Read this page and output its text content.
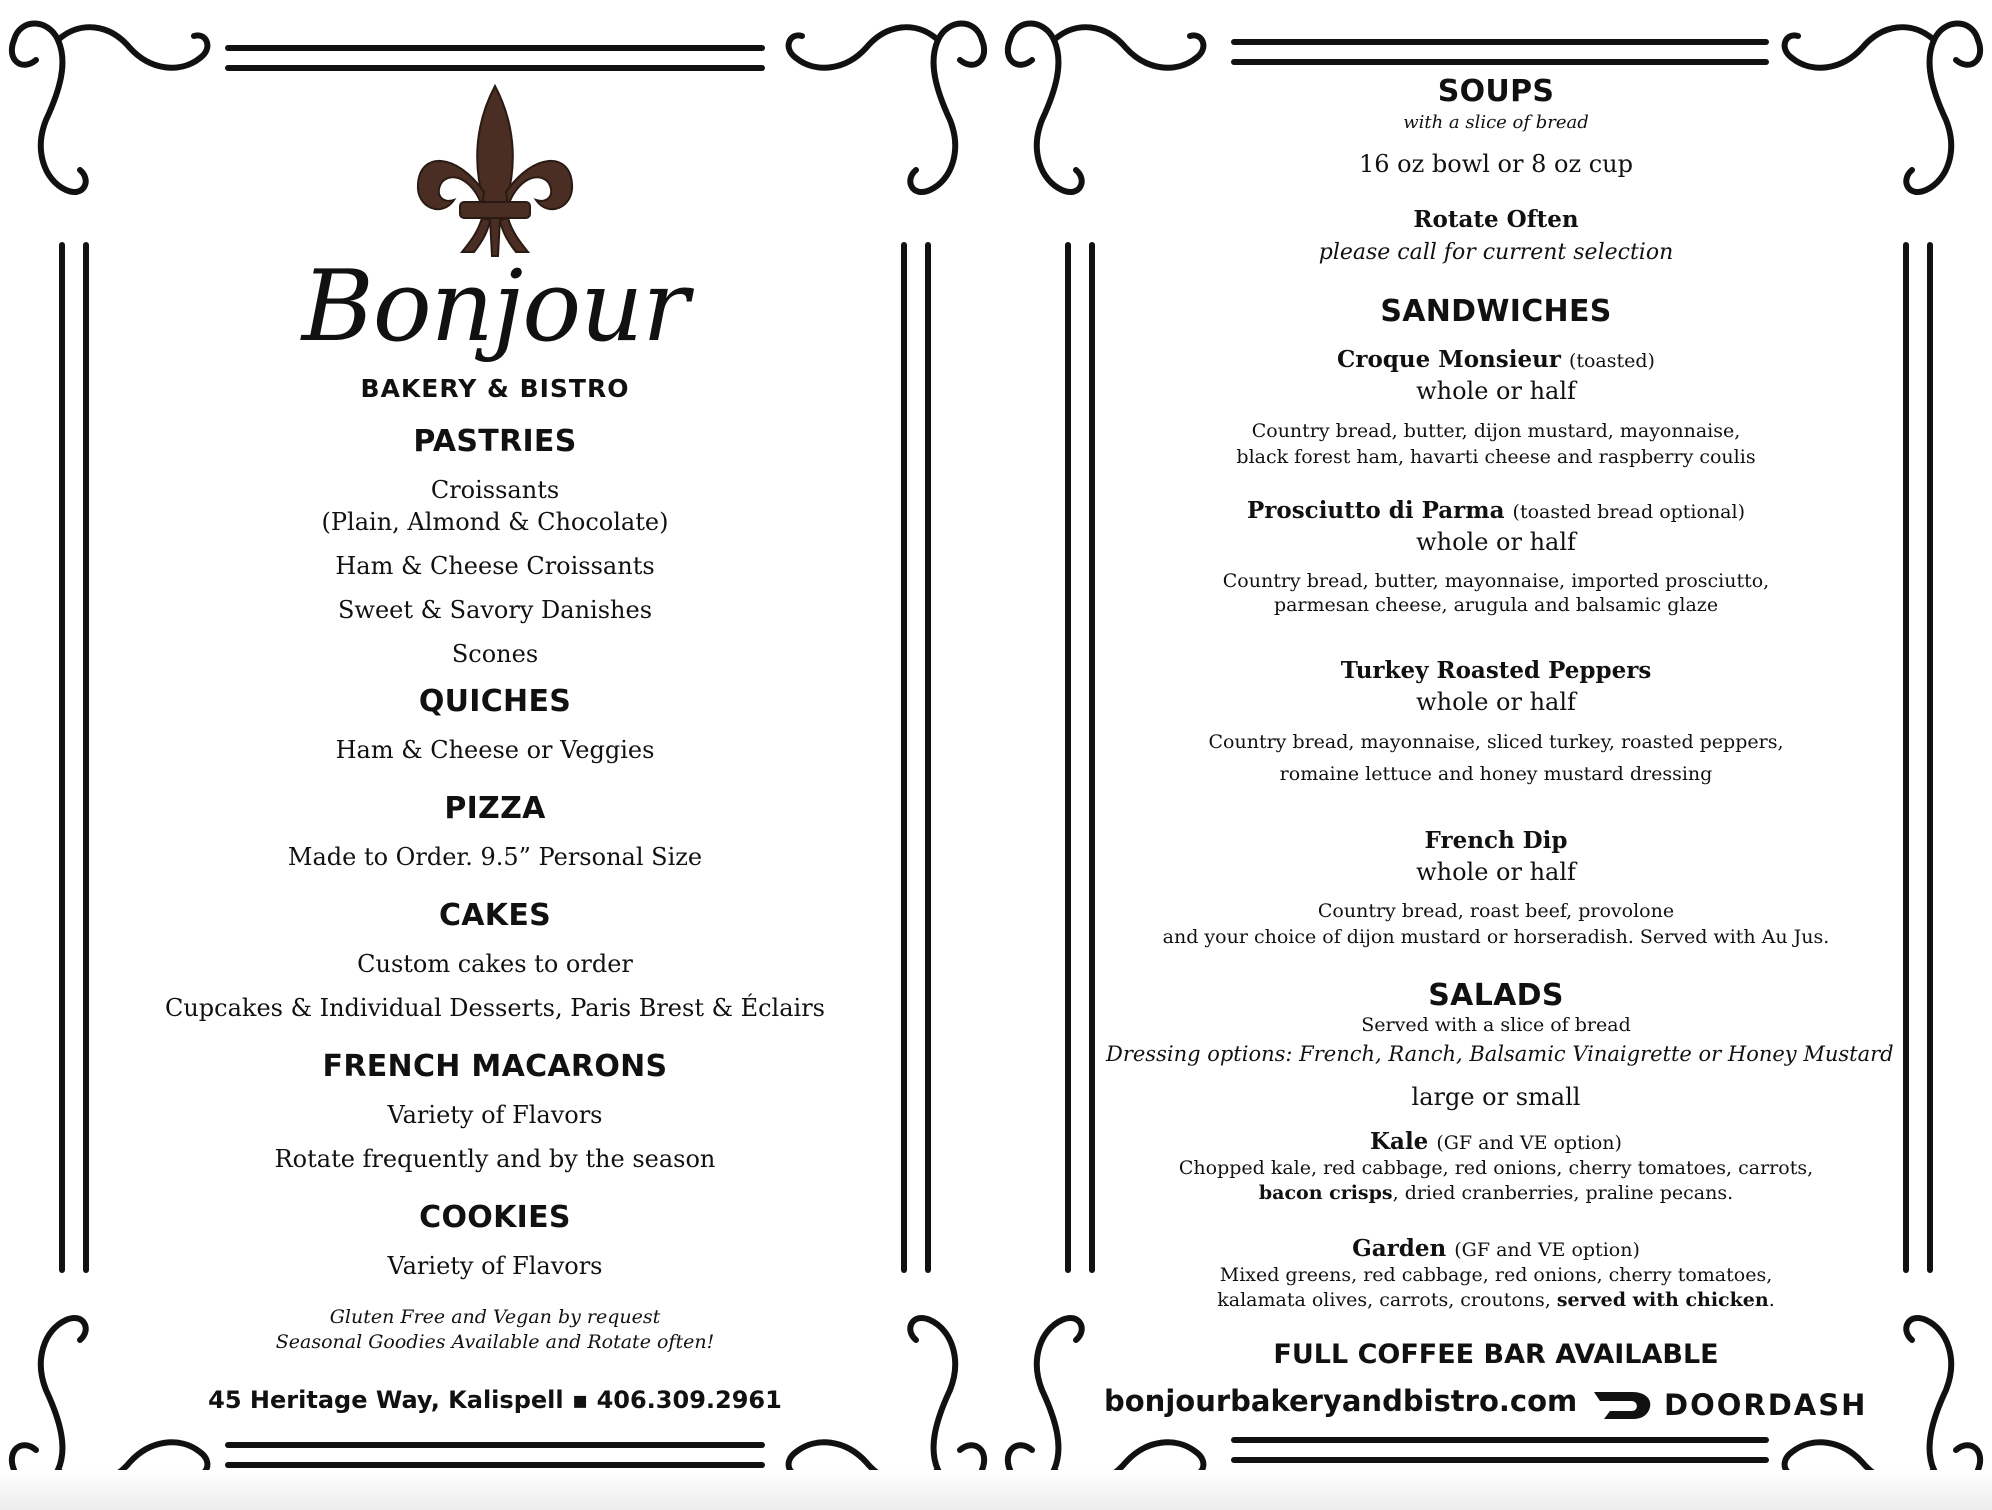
Bonjour
BAKERY & BISTRO
PASTRIES
Croissants
(Plain, Almond & Chocolate)
Ham & Cheese Croissants
Sweet & Savory Danishes
Scones
QUICHES
Ham & Cheese or Veggies
PIZZA
Made to Order. 9.5” Personal Size
CAKES
Custom cakes to order
Cupcakes & Individual Desserts, Paris Brest & Éclairs
FRENCH MACARONS
Variety of Flavors
Rotate frequently and by the season
COOKIES
Variety of Flavors
Gluten Free and Vegan by request
Seasonal Goodies Available and Rotate often!
45 Heritage Way, Kalispell ▪ 406.309.2961
SOUPS
with a slice of bread
16 oz bowl or 8 oz cup
Rotate Often
please call for current selection
SANDWICHES
Croque Monsieur (toasted)
whole or half
Country bread, butter, dijon mustard, mayonnaise,
black forest ham, havarti cheese and raspberry coulis
Prosciutto di Parma (toasted bread optional)
whole or half
Country bread, butter, mayonnaise, imported prosciutto,
parmesan cheese, arugula and balsamic glaze
Turkey Roasted Peppers
whole or half
Country bread, mayonnaise, sliced turkey, roasted peppers,
romaine lettuce and honey mustard dressing
French Dip
whole or half
Country bread, roast beef, provolone
and your choice of dijon mustard or horseradish. Served with Au Jus.
SALADS
Served with a slice of bread
Dressing options: French, Ranch, Balsamic Vinaigrette or Honey Mustard
large or small
Kale (GF and VE option)
Chopped kale, red cabbage, red onions, cherry tomatoes, carrots,
bacon crisps, dried cranberries, praline pecans.
Garden (GF and VE option)
Mixed greens, red cabbage, red onions, cherry tomatoes,
kalamata olives, carrots, croutons, served with chicken.
FULL COFFEE BAR AVAILABLE
bonjourbakeryandbistro.com	DOORDASH
